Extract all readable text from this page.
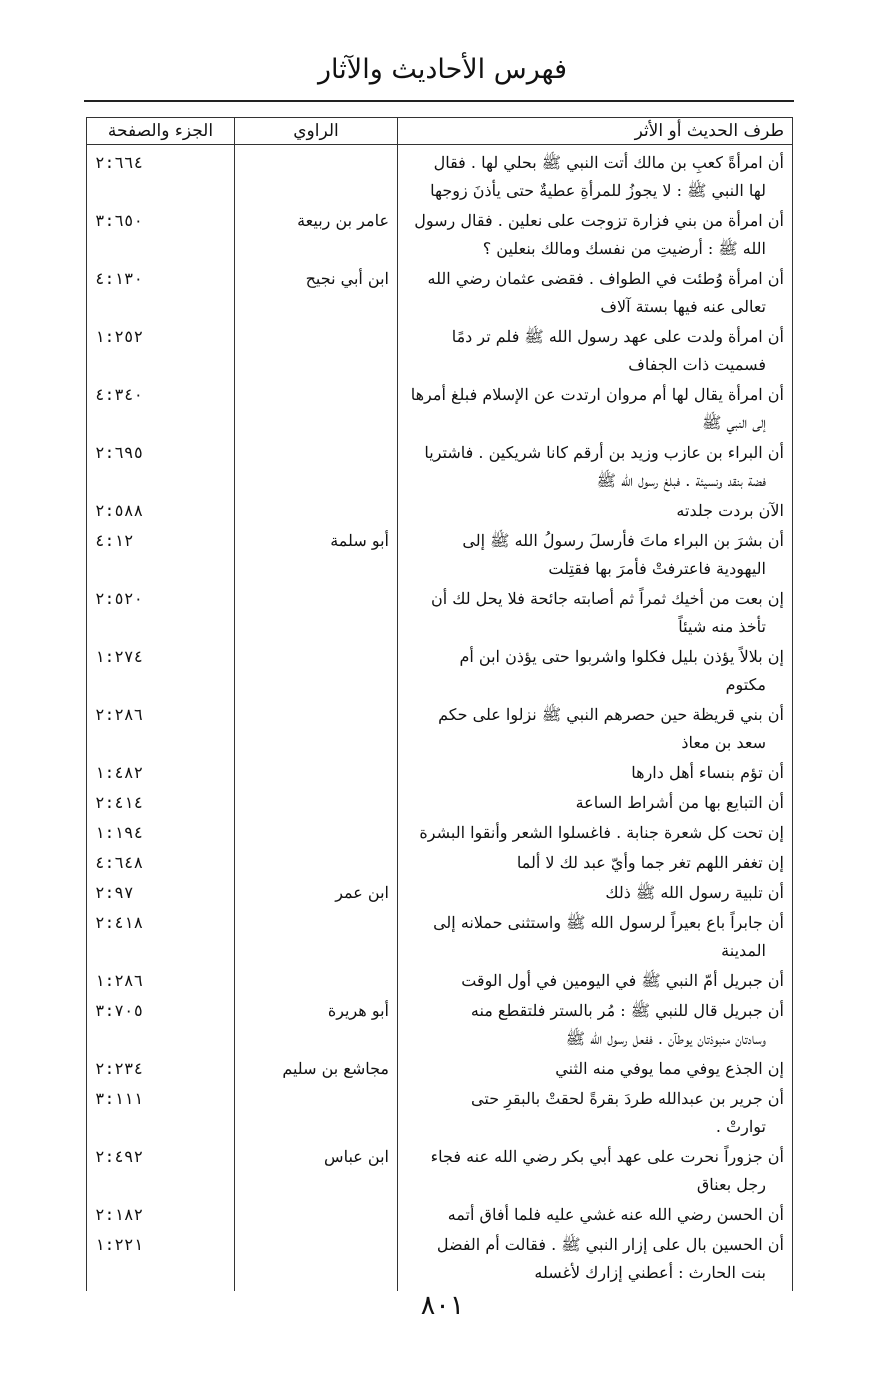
فهرس الأحاديث والآثار
طرف الحديث أو الأثر	الراوي	الجزء والصفحة

أن امرأةً كعبِ بن مالك أتت النبي ﷺ بحلي لها . فقال
لها النبي ﷺ : لا يجوزُ للمرأةِ عطيةٌ حتى يأذنَ زوجها		٢:٦٦٤

أن امرأة من بني فزارة تزوجت على نعلين . فقال رسول
الله ﷺ : أرضيتِ من نفسك ومالك بنعلين ؟	عامر بن ربيعة	٣:٦٥٠

أن امرأة وُطئت في الطواف . فقضى عثمان رضي الله
تعالى عنه فيها بستة آلاف	ابن أبي نجيح	٤:١٣٠

أن امرأة ولدت على عهد رسول الله ﷺ فلم تر دمًا
فسميت ذات الجفاف		١:٢٥٢

أن امرأة يقال لها أم مروان ارتدت عن الإسلام فبلغ أمرها
إلى النبي ﷺ		٤:٣٤٠

أن البراء بن عازب وزيد بن أرقم كانا شريكين . فاشتريا
فضة بنقد ونسيئة . فبلغ رسول الله ﷺ		٢:٦٩٥

الآن بردت جلدته		٢:٥٨٨

أن بشرَ بن البراء ماتَ فأرسلَ رسولُ الله ﷺ إلى
اليهودية فاعترفتْ فأمرَ بها فقتِلت	أبو سلمة	٤:١٢

إن بعت من أخيك ثمراً ثم أصابته جائحة فلا يحل لك أن
تأخذ منه شيئاً		٢:٥٢٠

إن بلالاً يؤذن بليل فكلوا واشربوا حتى يؤذن ابن أم
مكتوم		١:٢٧٤

أن بني قريظة حين حصرهم النبي ﷺ نزلوا على حكم
سعد بن معاذ		٢:٢٨٦

أن تؤم بنساء أهل دارها		١:٤٨٢

أن التبايع بها من أشراط الساعة		٢:٤١٤

إن تحت كل شعرة جنابة . فاغسلوا الشعر وأنقوا البشرة		١:١٩٤

إن تغفر اللهم تغر جما وأيّ عبد لك لا ألما		٤:٦٤٨

أن تلبية رسول الله ﷺ ذلك	ابن عمر	٢:٩٧

أن جابراً باع بعيراً لرسول الله ﷺ واستثنى حملانه إلى
المدينة		٢:٤١٨

أن جبريل أمّ النبي ﷺ في اليومين في أول الوقت		١:٢٨٦

أن جبريل قال للنبي ﷺ : مُر بالستر فلتقطع منه
وسادتان منبوذتان يوطآن . ففعل رسول الله ﷺ	أبو هريرة	٣:٧٠٥

إن الجذع يوفي مما يوفي منه الثني	مجاشع بن سليم	٢:٢٣٤

أن جرير بن عبدالله طردَ بقرةً لحقتْ بالبقرِ حتى
توارتْ .		٣:١١١

أن جزوراً نحرت على عهد أبي بكر رضي الله عنه فجاء
رجل بعناق	ابن عباس	٢:٤٩٢

أن الحسن رضي الله عنه غشي عليه فلما أفاق أتمه		٢:١٨٢

أن الحسين بال على إزار النبي ﷺ . فقالت أم الفضل
بنت الحارث : أعطني إزارك لأغسله		١:٢٢١
٨٠١
